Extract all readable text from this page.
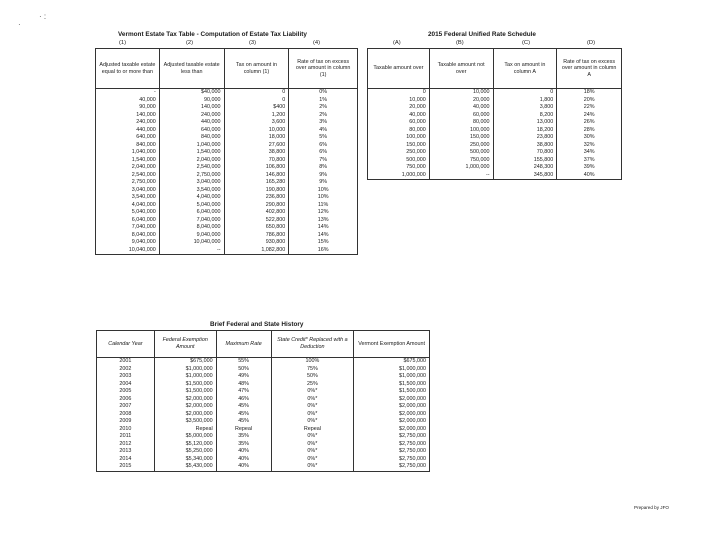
· :
·
Vermont Estate Tax Table - Computation of Estate Tax Liability
(1)	(2)	(3)	(4)
Adjusted taxable estate equal to or more than	Adjusted taxable estate less than	Tax on amount in column (1)	Rate of tax on excess over amount in column (1)
-	$40,000	0	0%
40,000	90,000	0	1%
90,000	140,000	$400	2%
140,000	240,000	1,200	2%
240,000	440,000	3,600	3%
440,000	640,000	10,000	4%
640,000	840,000	18,000	5%
840,000	1,040,000	27,600	6%
1,040,000	1,540,000	38,800	6%
1,540,000	2,040,000	70,800	7%
2,040,000	2,540,000	106,800	8%
2,540,000	2,750,000	146,800	9%
2,750,000	3,040,000	165,280	9%
3,040,000	3,540,000	190,800	10%
3,540,000	4,040,000	236,800	10%
4,040,000	5,040,000	290,800	11%
5,040,000	6,040,000	402,800	12%
6,040,000	7,040,000	522,800	13%
7,040,000	8,040,000	650,800	14%
8,040,000	9,040,000	786,800	14%
9,040,000	10,040,000	930,800	15%
10,040,000	--	1,082,800	16%
2015 Federal Unified Rate Schedule
(A)	(B)	(C)	(D)
Taxable amount over	Taxable amount not over	Tax on amount in column A	Rate of tax on excess over amount in column A
0	10,000	0	18%
10,000	20,000	1,800	20%
20,000	40,000	3,800	22%
40,000	60,000	8,200	24%
60,000	80,000	13,000	26%
80,000	100,000	18,200	28%
100,000	150,000	23,800	30%
150,000	250,000	38,800	32%
250,000	500,000	70,800	34%
500,000	750,000	155,800	37%
750,000	1,000,000	248,300	39%
1,000,000	--	345,800	40%
Brief Federal and State History
Calendar Year	Federal Exemption Amount	Maximum Rate	State Credit* Replaced with a Deduction	Vermont Exemption Amount
2001	$675,000	55%	100%	$675,000
2002	$1,000,000	50%	75%	$1,000,000
2003	$1,000,000	49%	50%	$1,000,000
2004	$1,500,000	48%	25%	$1,500,000
2005	$1,500,000	47%	0%*	$1,500,000
2006	$2,000,000	46%	0%*	$2,000,000
2007	$2,000,000	45%	0%*	$2,000,000
2008	$2,000,000	45%	0%*	$2,000,000
2009	$3,500,000	45%	0%*	$2,000,000
2010	Repeal	Repeal	Repeal	$2,000,000
2011	$5,000,000	35%	0%*	$2,750,000
2012	$5,120,000	35%	0%*	$2,750,000
2013	$5,250,000	40%	0%*	$2,750,000
2014	$5,340,000	40%	0%*	$2,750,000
2015	$5,430,000	40%	0%*	$2,750,000
Prepared by JFO
